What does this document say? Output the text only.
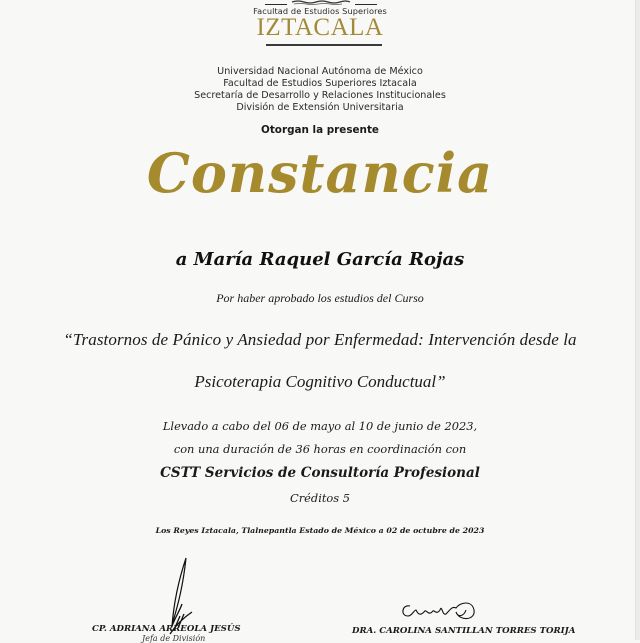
Facultad de Estudios Superiores
IZTACALA
Universidad Nacional Autónoma de México
Facultad de Estudios Superiores Iztacala
Secretaría de Desarrollo y Relaciones Institucionales
División de Extensión Universitaria
Otorgan la presente
Constancia
a María Raquel García Rojas
Por haber aprobado los estudios del Curso
“Trastornos de Pánico y Ansiedad por Enfermedad: Intervención desde la
Psicoterapia Cognitivo Conductual”
Llevado a cabo del 06 de mayo al 10 de junio de 2023,
con una duración de 36 horas en coordinación con
CSTT Servicios de Consultoría Profesional
Créditos 5
Los Reyes Iztacala, Tlalnepantla Estado de México a 02 de octubre de 2023
CP. ADRIANA ARREOLA JESÚS
Jefa de División
DRA. CAROLINA SANTILLAN TORRES TORIJA
